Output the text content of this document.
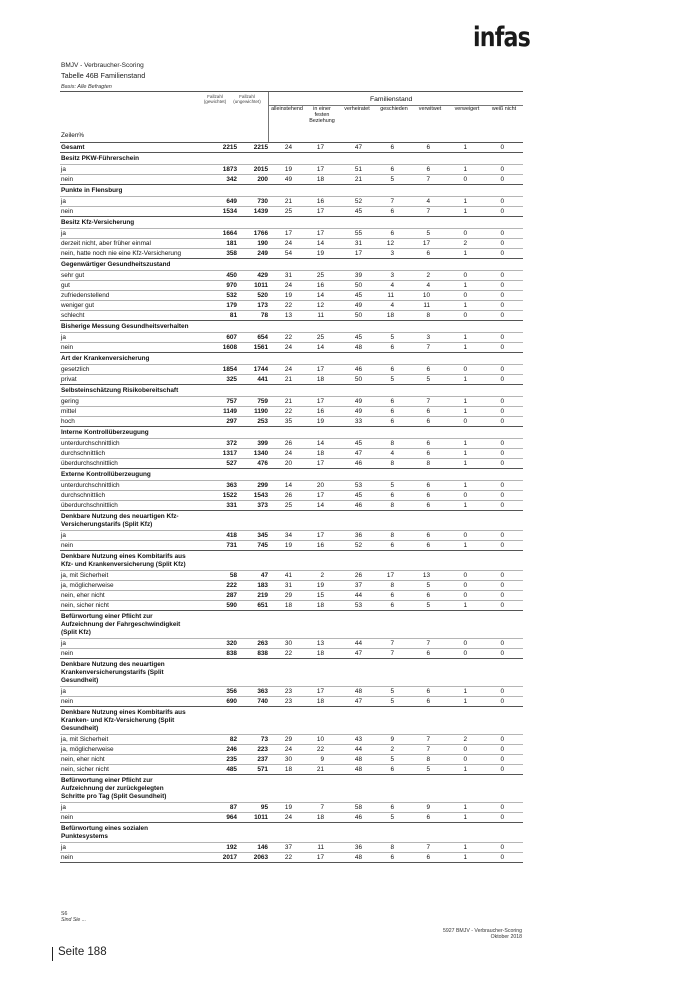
infas
BMJV - Verbraucher-Scoring
Tabelle 46B Familienstand
Basis: Alle Befragten
Fallzahl (gewichtet)
Fallzahl (ungewichtet)	Familienstand
alleinstehend	in einer festen Beziehung
verheiratet	geschieden	verwitwet	verweigert	weiß nicht
Zeilen%
Gesamt	2215	2215	24	17	47	6	6	1	0
Besitz PKW-Führerschein
ja	1873	2015	19	17	51	6	6	1	0
nein	342	200	49	18	21	5	7	0	0
Punkte in Flensburg
ja	649	730	21	16	52	7	4	1	0
nein	1534	1439	25	17	45	6	7	1	0
Besitz Kfz-Versicherung
ja	1664	1766	17	17	55	6	5	0	0
derzeit nicht, aber früher einmal	181	190	24	14	31	12	17	2	0
nein, hatte noch nie eine Kfz-Versicherung	358	249	54	19	17	3	6	1	0
Gegenwärtiger Gesundheitszustand
sehr gut	450	429	31	25	39	3	2	0	0
gut	970	1011	24	16	50	4	4	1	0
zufriedenstellend	532	520	19	14	45	11	10	0	0
weniger gut	179	173	22	12	49	4	11	1	0
schlecht	81	78	13	11	50	18	8	0	0
Bisherige Messung Gesundheitsverhalten
ja	607	654	22	25	45	5	3	1	0
nein	1608	1561	24	14	48	6	7	1	0
Art der Krankenversicherung
gesetzlich	1854	1744	24	17	46	6	6	0	0
privat	325	441	21	18	50	5	5	1	0
Selbsteinschätzung Risikobereitschaft
gering	757	759	21	17	49	6	7	1	0
mittel	1149	1190	22	16	49	6	6	1	0
hoch	297	253	35	19	33	6	6	0	0
Interne Kontrollüberzeugung
unterdurchschnittlich	372	399	26	14	45	8	6	1	0
durchschnittlich	1317	1340	24	18	47	4	6	1	0
überdurchschnittlich	527	476	20	17	46	8	8	1	0
Externe Kontrollüberzeugung
unterdurchschnittlich	363	299	14	20	53	5	6	1	0
durchschnittlich	1522	1543	26	17	45	6	6	0	0
überdurchschnittlich	331	373	25	14	46	8	6	1	0
Denkbare Nutzung des neuartigen Kfz-Versicherungstarifs (Split Kfz)
ja	418	345	34	17	36	8	6	0	0
nein	731	745	19	16	52	6	6	1	0
Denkbare Nutzung eines Kombitarifs aus Kfz- und Krankenversicherung (Split Kfz)
ja, mit Sicherheit	58	47	41	2	26	17	13	0	0
ja, möglicherweise	222	183	31	19	37	8	5	0	0
nein, eher nicht	287	219	29	15	44	6	6	0	0
nein, sicher nicht	590	651	18	18	53	6	5	1	0
Befürwortung einer Pflicht zur Aufzeichnung der Fahrgeschwindigkeit (Split Kfz)
ja	320	263	30	13	44	7	7	0	0
nein	838	838	22	18	47	7	6	0	0
Denkbare Nutzung des neuartigen Krankenversicherungstarifs (Split Gesundheit)
ja	356	363	23	17	48	5	6	1	0
nein	690	740	23	18	47	5	6	1	0
Denkbare Nutzung eines Kombitarifs aus Kranken- und Kfz-Versicherung (Split Gesundheit)
ja, mit Sicherheit	82	73	29	10	43	9	7	2	0
ja, möglicherweise	246	223	24	22	44	2	7	0	0
nein, eher nicht	235	237	30	9	48	5	8	0	0
nein, sicher nicht	485	571	18	21	48	6	5	1	0
Befürwortung einer Pflicht zur Aufzeichnung der zurückgelegten Schritte pro Tag (Split Gesundheit)
ja	87	95	19	7	58	6	9	1	0
nein	964	1011	24	18	46	5	6	1	0
Befürwortung eines sozialen Punktesystems
ja	192	146	37	11	36	8	7	1	0
nein	2017	2063	22	17	48	6	6	1	0
S6
Sind Sie ...
5927 BMJV - Verbraucher-Scoring
Oktober 2018
Seite 188
